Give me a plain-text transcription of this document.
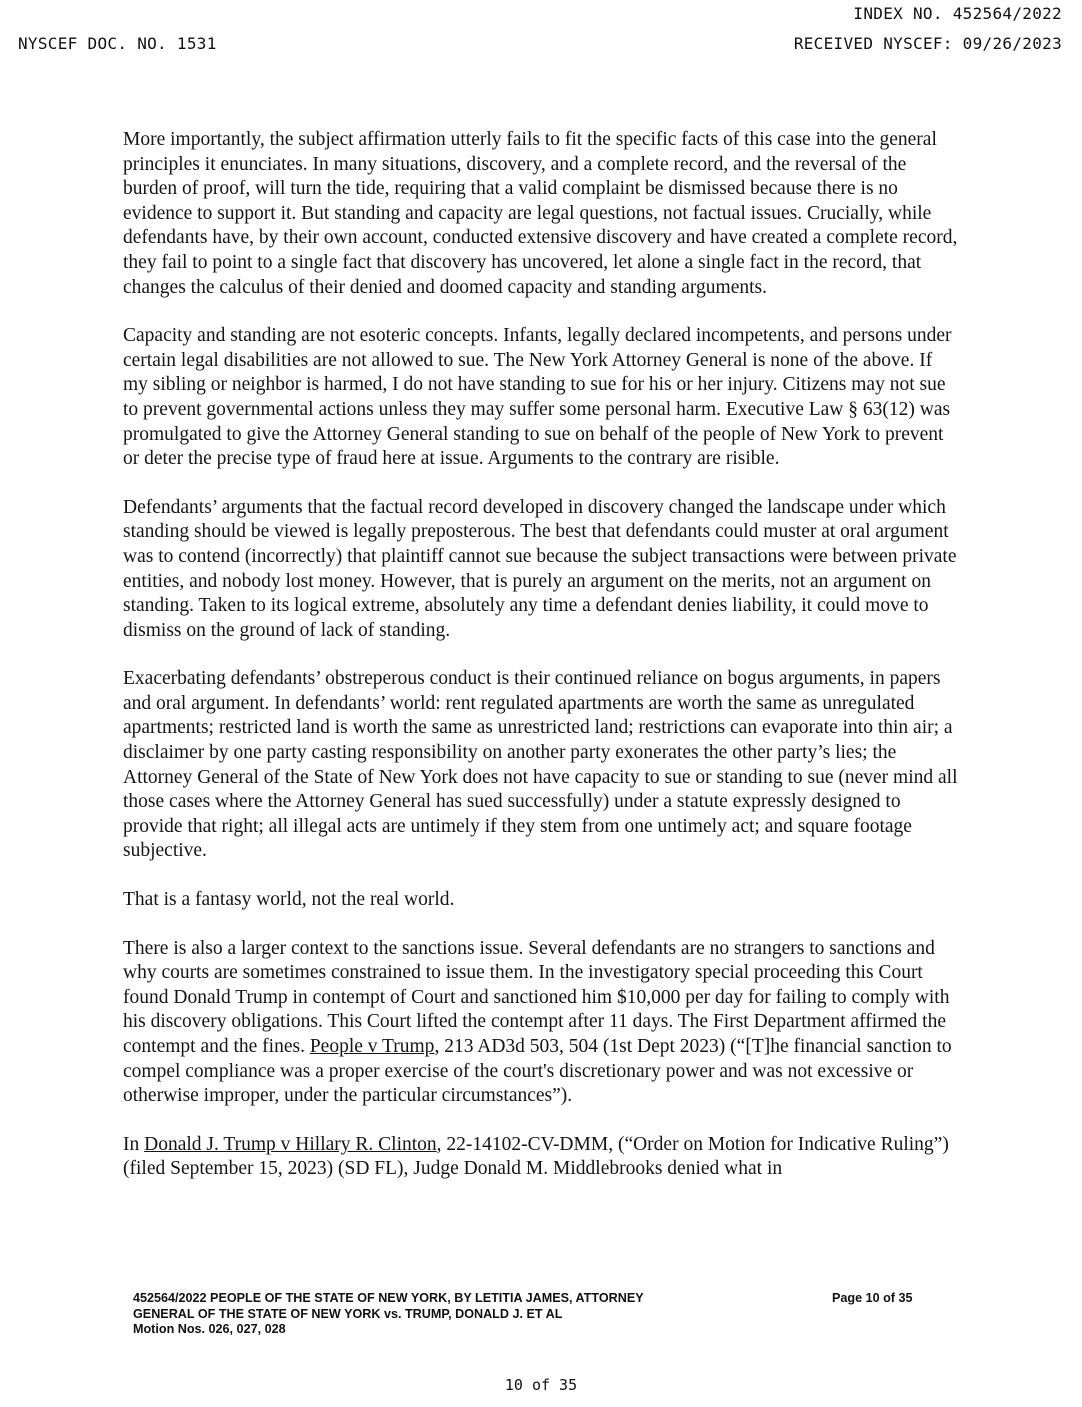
INDEX NO. 452564/2022
NYSCEF DOC. NO. 1531	RECEIVED NYSCEF: 09/26/2023

More importantly, the subject affirmation utterly fails to fit the specific facts of this case into the general principles it enunciates. In many situations, discovery, and a complete record, and the reversal of the burden of proof, will turn the tide, requiring that a valid complaint be dismissed because there is no evidence to support it. But standing and capacity are legal questions, not factual issues. Crucially, while defendants have, by their own account, conducted extensive discovery and have created a complete record, they fail to point to a single fact that discovery has uncovered, let alone a single fact in the record, that changes the calculus of their denied and doomed capacity and standing arguments.

Capacity and standing are not esoteric concepts. Infants, legally declared incompetents, and persons under certain legal disabilities are not allowed to sue. The New York Attorney General is none of the above. If my sibling or neighbor is harmed, I do not have standing to sue for his or her injury. Citizens may not sue to prevent governmental actions unless they may suffer some personal harm. Executive Law § 63(12) was promulgated to give the Attorney General standing to sue on behalf of the people of New York to prevent or deter the precise type of fraud here at issue. Arguments to the contrary are risible.

Defendants’ arguments that the factual record developed in discovery changed the landscape under which standing should be viewed is legally preposterous. The best that defendants could muster at oral argument was to contend (incorrectly) that plaintiff cannot sue because the subject transactions were between private entities, and nobody lost money. However, that is purely an argument on the merits, not an argument on standing. Taken to its logical extreme, absolutely any time a defendant denies liability, it could move to dismiss on the ground of lack of standing.

Exacerbating defendants’ obstreperous conduct is their continued reliance on bogus arguments, in papers and oral argument. In defendants’ world: rent regulated apartments are worth the same as unregulated apartments; restricted land is worth the same as unrestricted land; restrictions can evaporate into thin air; a disclaimer by one party casting responsibility on another party exonerates the other party’s lies; the Attorney General of the State of New York does not have capacity to sue or standing to sue (never mind all those cases where the Attorney General has sued successfully) under a statute expressly designed to provide that right; all illegal acts are untimely if they stem from one untimely act; and square footage subjective.

That is a fantasy world, not the real world.

There is also a larger context to the sanctions issue. Several defendants are no strangers to sanctions and why courts are sometimes constrained to issue them. In the investigatory special proceeding this Court found Donald Trump in contempt of Court and sanctioned him $10,000 per day for failing to comply with his discovery obligations. This Court lifted the contempt after 11 days. The First Department affirmed the contempt and the fines. People v Trump, 213 AD3d 503, 504 (1st Dept 2023) (“[T]he financial sanction to compel compliance was a proper exercise of the court's discretionary power and was not excessive or otherwise improper, under the particular circumstances”).

In Donald J. Trump v Hillary R. Clinton, 22-14102-CV-DMM, (“Order on Motion for Indicative Ruling”) (filed September 15, 2023) (SD FL), Judge Donald M. Middlebrooks denied what in

452564/2022 PEOPLE OF THE STATE OF NEW YORK, BY LETITIA JAMES, ATTORNEY
GENERAL OF THE STATE OF NEW YORK vs. TRUMP, DONALD J. ET AL
Motion Nos. 026, 027, 028
Page 10 of 35
10 of 35
